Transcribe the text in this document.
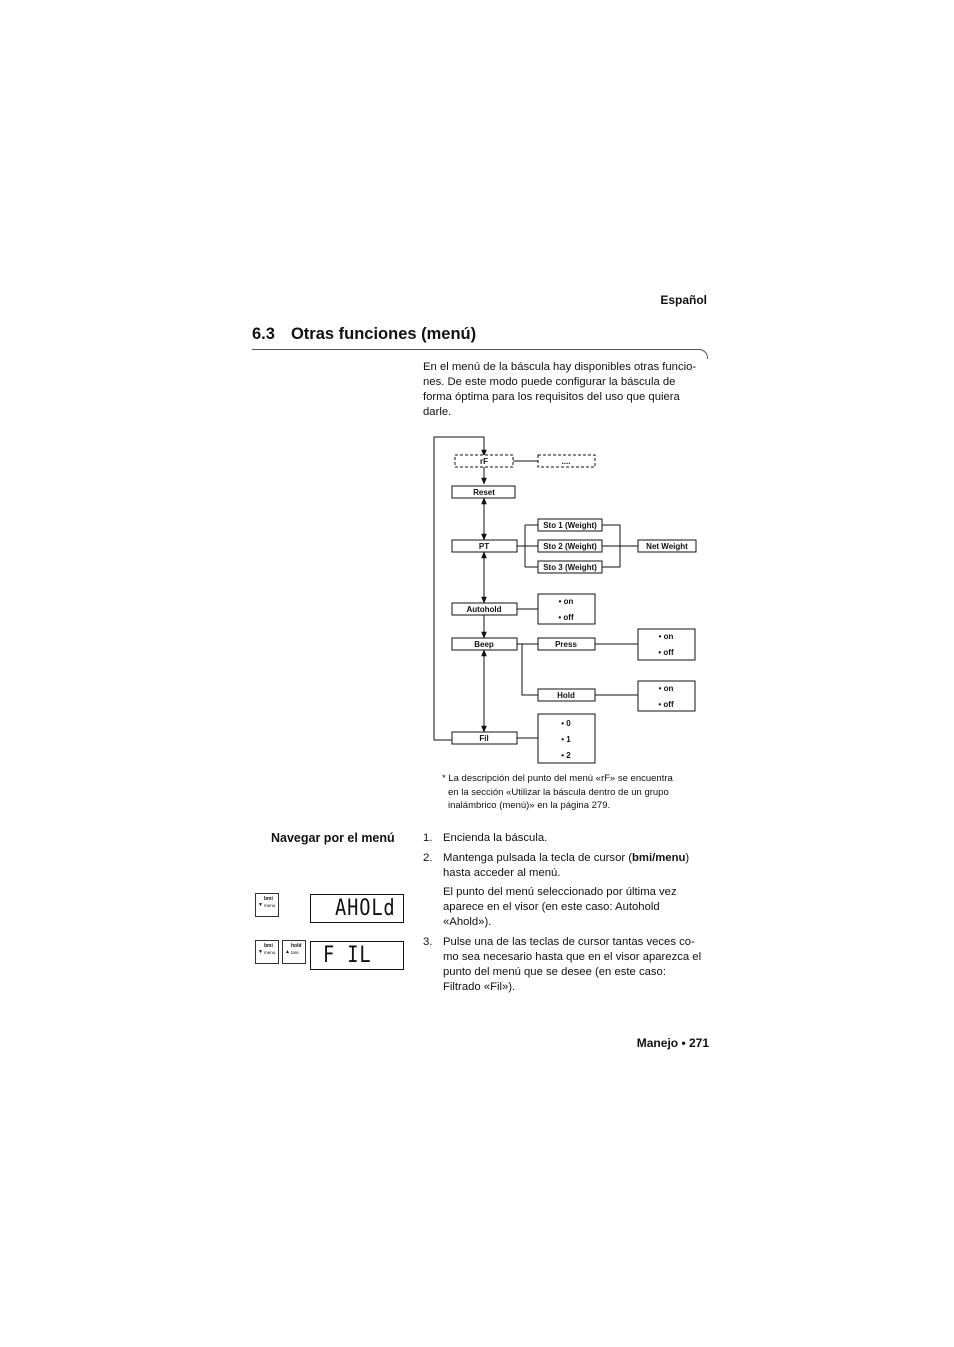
Español
6.3 Otras funciones (menú)

En el menú de la báscula hay disponibles otras funcio-

nes. De este modo puede configurar la báscula de

forma óptima para los requisitos del uso que quiera

darle.

rF	....
Reset
PT
Sto 1 (Weight)
Sto 2 (Weight)
Sto 3 (Weight)
Net Weight
Autohold
• on
• off
Beep	Press
• on
• off
Hold
• on
• off
Fil
• 0
• 1
• 2

* La descripción del punto del menú «rF» se encuentra

en la sección «Utilizar la báscula dentro de un grupo

inalámbrico (menú)» en la página 279.

Navegar por el menú	1. Encienda la báscula.

2. Mantenga pulsada la tecla de cursor (bmi/menu)
hasta acceder al menú.

El punto del menú seleccionado por última vez
aparece en el visor (en este caso: Autohold
«Ahold»).

3. Pulse una de las teclas de cursor tantas veces co-
mo sea necesario hasta que en el visor aparezca el
punto del menú que se desee (en este caso:
Filtrado «Fil»).

▼
bmi
menu	AHOLd
▼
bmi
menu ▲
hold
tare F IL
Manejo • 271
